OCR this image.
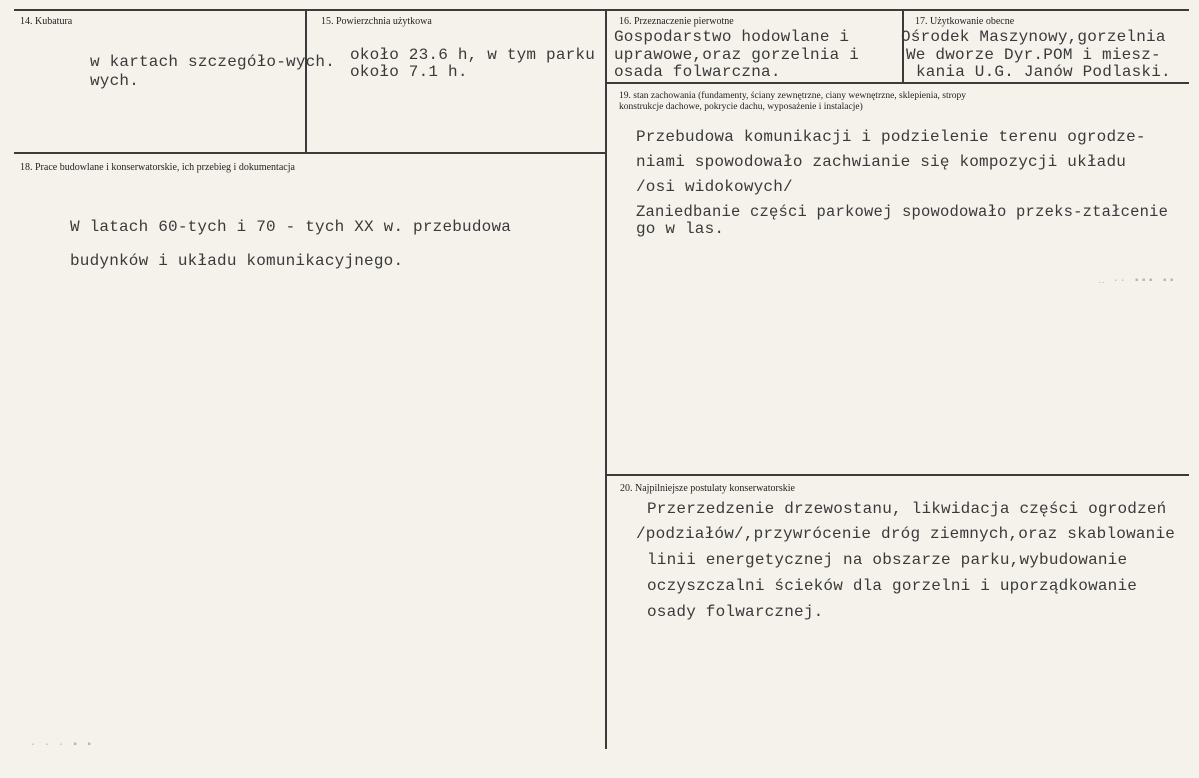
14. Kubatura
w kartach szczegóło-wych.
wych.
15. Powierzchnia użytkowa
około 23.6 h, w tym parku
około 7.1 h.
16. Przeznaczenie pierwotne
Gospodarstwo hodowlane i
uprawowe,oraz gorzelnia i
osada folwarczna.
17. Użytkowanie obecne
Ośrodek Maszynowy,gorzelnia
We dworze Dyr.POM i miesz-
kania U.G. Janów Podlaski.
18. Prace budowlane i konserwatorskie, ich przebieg i dokumentacja
W latach 60-tych i 70 - tych XX w. przebudowa
budynków i układu komunikacyjnego.
19. stan zachowania (fundamenty, ściany zewnętrzne, ciany wewnętrzne, sklepienia, stropy
konstrukcje dachowe, pokrycie dachu, wyposażenie i instalacje)
Przebudowa komunikacji i podzielenie terenu ogrodze-
niami spowodowało zachwianie się kompozycji układu
/osi widokowych/
Zaniedbanie części parkowej spowodowało przeks-ztałcenie
go w las.
20. Najpilniejsze postulaty konserwatorskie
Przerzedzenie drzewostanu, likwidacja części ogrodzeń
/podziałów/,przywrócenie dróg ziemnych,oraz skablowanie
linii energetycznej na obszarze parku,wybudowanie
oczyszczalni ścieków dla gorzelni i uporządkowanie
osady folwarcznej.
‥ ·· ▪▪▪ ▪▪
· · · ▪ ▪
